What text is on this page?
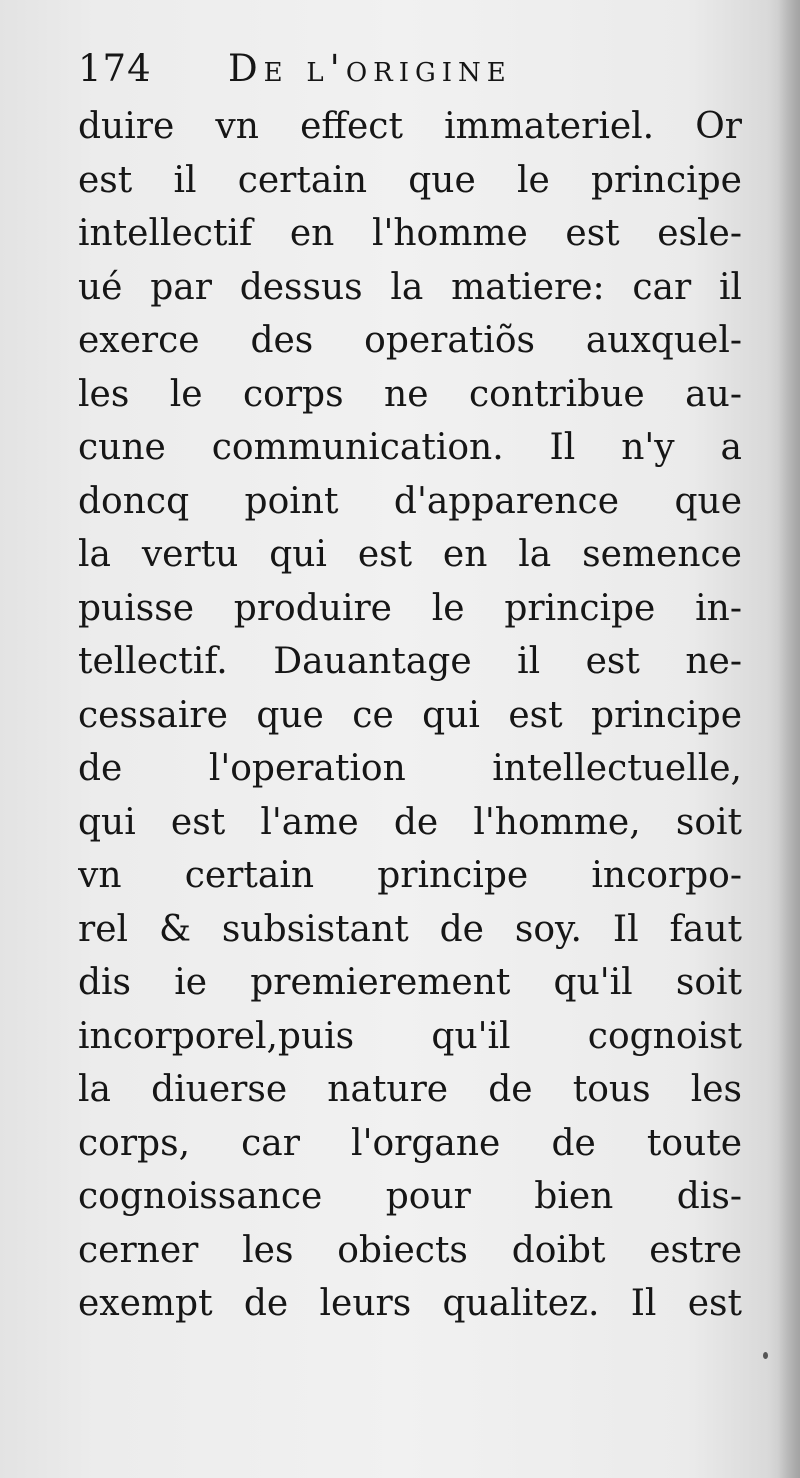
174 De l'origine
duire vn effect immateriel. Or
est il certain que le principe
intellectif en l'homme est esle-
ué par dessus la matiere: car il
exerce des operatiõs auxquel-
les le corps ne contribue au-
cune communication. Il n'y a
doncq point d'apparence que
la vertu qui est en la semence
puisse produire le principe in-
tellectif. Dauantage il est ne-
cessaire que ce qui est principe
de l'operation intellectuelle,
qui est l'ame de l'homme, soit
vn certain principe incorpo-
rel & subsistant de soy. Il faut
dis ie premierement qu'il soit
incorporel,puis qu'il cognoist
la diuerse nature de tous les
corps, car l'organe de toute
cognoissance pour bien dis-
cerner les obiects doibt estre
exempt de leurs qualitez. Il est
